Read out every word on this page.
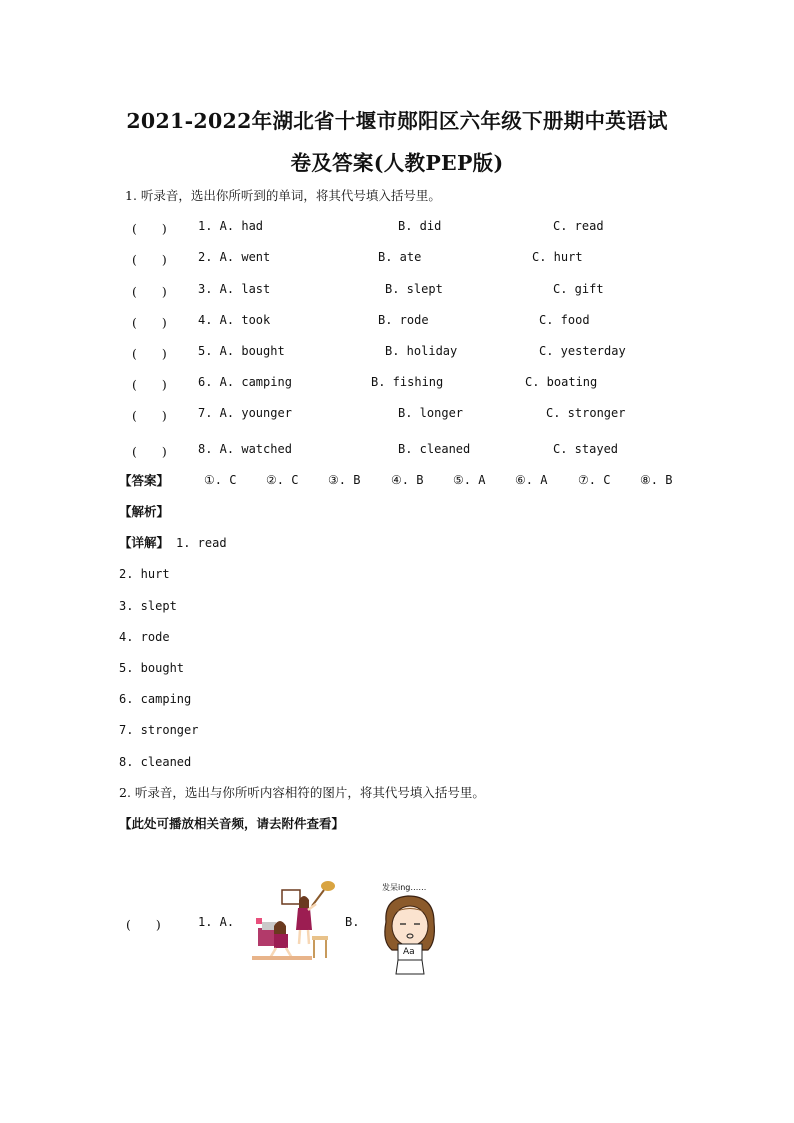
2021-2022年湖北省十堰市郧阳区六年级下册期中英语试
卷及答案(人教PEP版)
1. 听录音，选出你所听到的单词，将其代号填入括号里。
(　　)	1. A. had	B. did	C. read
(　　)	2. A. went	B. ate	C. hurt
(　　)	3. A. last	B. slept	C. gift
(　　)	4. A. took	B. rode	C. food
(　　)	5. A. bought	B. holiday	C. yesterday
(　　)	6. A. camping	B. fishing	C. boating
(　　)	7. A. younger	B. longer	C. stronger
(　　)	8. A. watched	B. cleaned	C. stayed
【答案】	①. C ②. C ③. B	④. B ⑤. A ⑥. A	⑦. C ⑧. B
【解析】
【详解】 1. read
2. hurt
3. slept
4. rode
5. bought
6. camping
7. stronger
8. cleaned
2. 听录音，选出与你所听内容相符的图片，将其代号填入括号里。
【此处可播放相关音频，请去附件查看】
(　　)	1. A.	B.
发呆ing……
Aa
